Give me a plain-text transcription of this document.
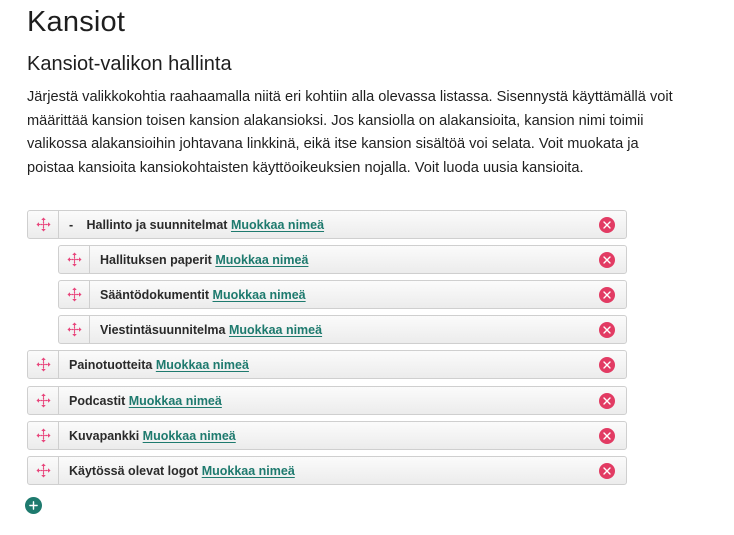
Kansiot
Kansiot-valikon hallinta

Järjestä valikkokohtia raahaamalla niitä eri kohtiin alla olevassa listassa. Sisennystä käyttämällä voit määrittää kansion toisen kansion alakansioksi. Jos kansiolla on alakansioita, kansion nimi toimii valikossa alakansioihin johtavana linkkinä, eikä itse kansion sisältöä voi selata. Voit muokata ja poistaa kansioita kansiokohtaisten käyttöoikeuksien nojalla. Voit luoda uusia kansioita.

- Hallinto ja suunnitelmat Muokkaa nimeä
Hallituksen paperit Muokkaa nimeä
Sääntödokumentit Muokkaa nimeä
Viestintäsuunnitelma Muokkaa nimeä
Painotuotteita Muokkaa nimeä
Podcastit Muokkaa nimeä
Kuvapankki Muokkaa nimeä
Käytössä olevat logot Muokkaa nimeä
